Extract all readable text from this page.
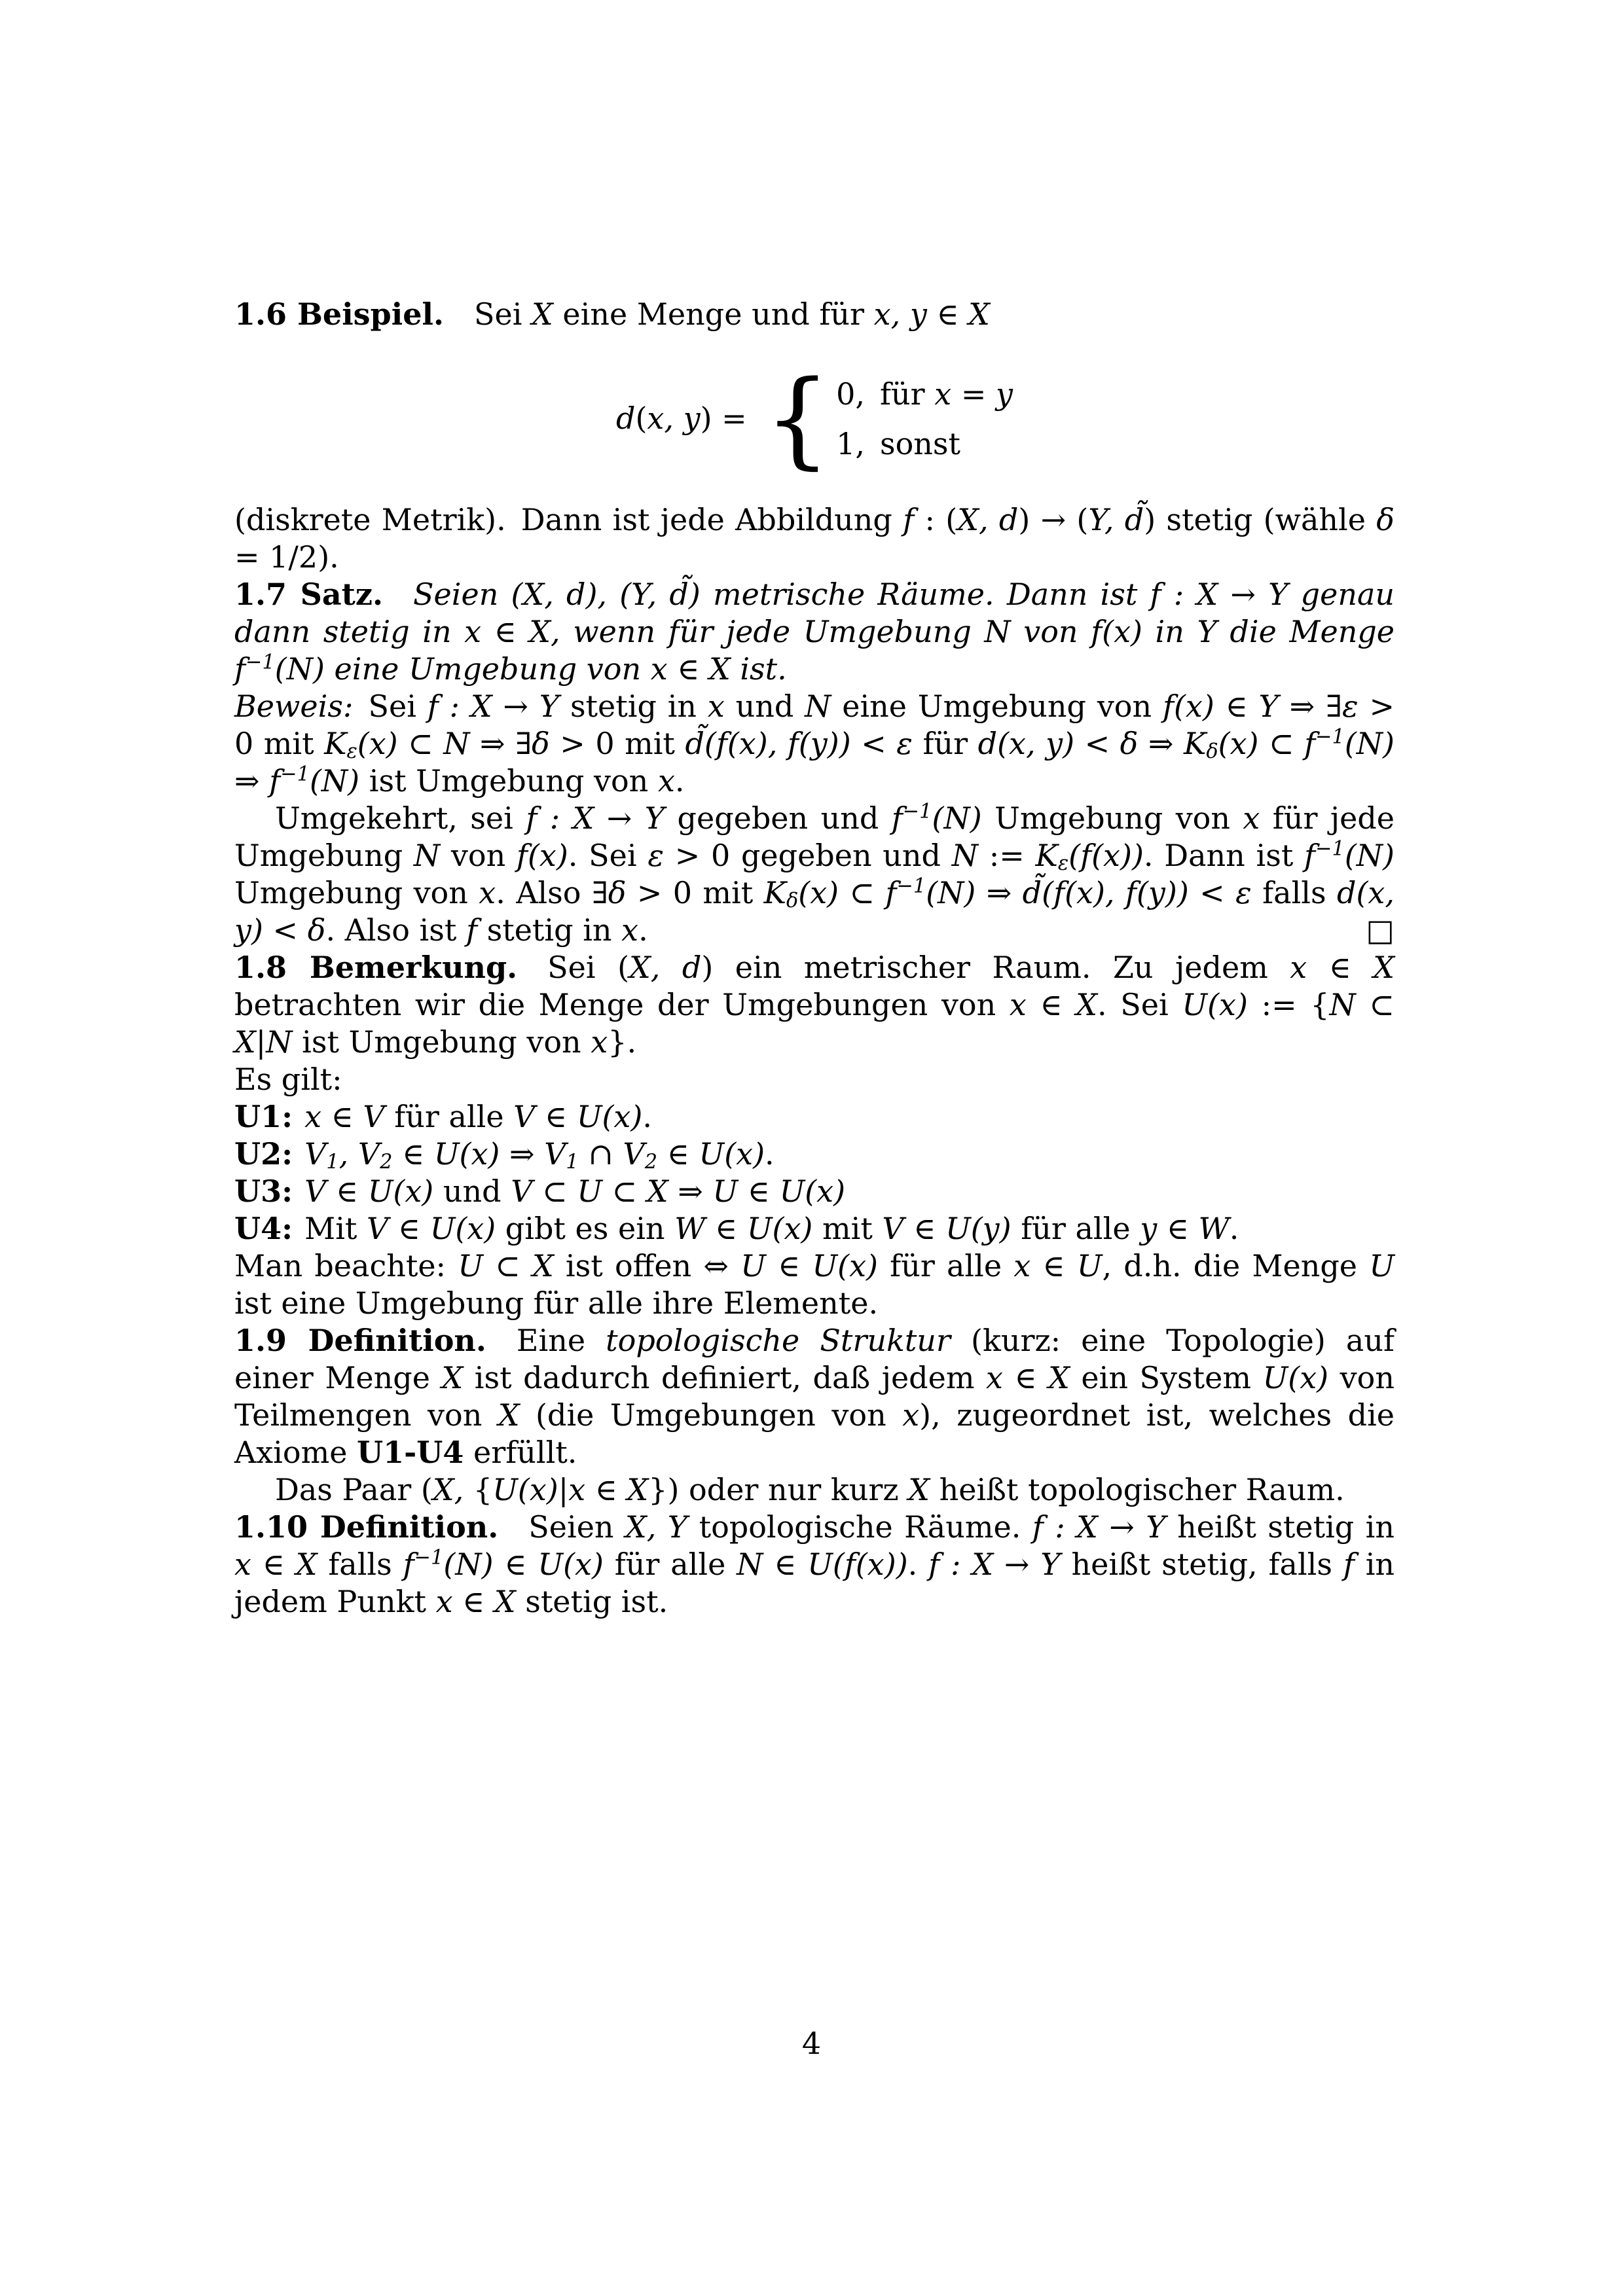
1.6 Beispiel. Sei X eine Menge und für x, y ∈ X

d(x, y) = { 0, für x = y
1, sonst

(diskrete Metrik). Dann ist jede Abbildung f : (X, d) → (Y, d̃) stetig (wähle δ = 1/2).

1.7 Satz. Seien (X, d), (Y, d̃) metrische Räume. Dann ist f : X → Y genau dann stetig in x ∈ X, wenn für jede Umgebung N von f(x) in Y die Menge $f^{-1}(N)$ eine Umgebung von x ∈ X ist.

Beweis: Sei f : X → Y stetig in x und N eine Umgebung von f(x) ∈ Y ⇒ ∃ε > 0 mit $K_\varepsilon(x)$ ⊂ N ⇒ ∃δ > 0 mit d̃(f(x), f(y)) < ε für d(x, y) < δ ⇒ $K_\delta(x)$ ⊂ $f^{-1}(N)$ ⇒ $f^{-1}(N)$ ist Umgebung von x.

Umgekehrt, sei f : X → Y gegeben und $f^{-1}(N)$ Umgebung von x für jede Umgebung N von f(x). Sei ε > 0 gegeben und N := $K_\varepsilon(f(x))$. Dann ist $f^{-1}(N)$ Umgebung von x. Also ∃δ > 0 mit $K_\delta(x)$ ⊂ $f^{-1}(N)$ ⇒ d̃(f(x), f(y)) < ε falls d(x, y) < δ. Also ist f stetig in x.	□

1.8 Bemerkung. Sei (X, d) ein metrischer Raum. Zu jedem x ∈ X betrachten wir die Menge der Umgebungen von x ∈ X. Sei U(x) := {N ⊂ X|N ist Umgebung von x}.

Es gilt:

U1: x ∈ V für alle V ∈ U(x).

U2: $V_1$, $V_2$ ∈ U(x) ⇒ $V_1$ ∩ $V_2$ ∈ U(x).

U3: V ∈ U(x) und V ⊂ U ⊂ X ⇒ U ∈ U(x)

U4: Mit V ∈ U(x) gibt es ein W ∈ U(x) mit V ∈ U(y) für alle y ∈ W.

Man beachte: U ⊂ X ist offen ⇔ U ∈ U(x) für alle x ∈ U, d.h. die Menge U ist eine Umgebung für alle ihre Elemente.

1.9 Definition. Eine topologische Struktur (kurz: eine Topologie) auf einer Menge X ist dadurch definiert, daß jedem x ∈ X ein System U(x) von Teilmengen von X (die Umgebungen von x), zugeordnet ist, welches die Axiome U1-U4 erfüllt.

Das Paar (X, {U(x)|x ∈ X}) oder nur kurz X heißt topologischer Raum.

1.10 Definition. Seien X, Y topologische Räume. f : X → Y heißt stetig in x ∈ X falls $f^{-1}(N)$ ∈ U(x) für alle N ∈ U(f(x)). f : X → Y heißt stetig, falls f in jedem Punkt x ∈ X stetig ist.

4
